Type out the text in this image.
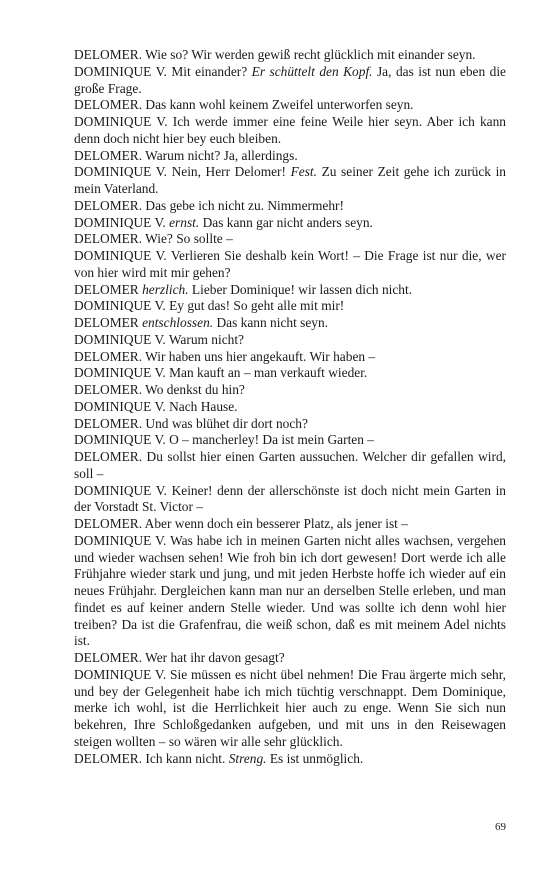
DELOMER. Wie so? Wir werden gewiß recht glücklich mit einander seyn.

DOMINIQUE V. Mit einander? Er schüttelt den Kopf. Ja, das ist nun eben die große Frage.

DELOMER. Das kann wohl keinem Zweifel unterworfen seyn.

DOMINIQUE V. Ich werde immer eine feine Weile hier seyn. Aber ich kann denn doch nicht hier bey euch bleiben.

DELOMER. Warum nicht? Ja, allerdings.

DOMINIQUE V. Nein, Herr Delomer! Fest. Zu seiner Zeit gehe ich zurück in mein Vaterland.

DELOMER. Das gebe ich nicht zu. Nimmermehr!

DOMINIQUE V. ernst. Das kann gar nicht anders seyn.

DELOMER. Wie? So sollte –

DOMINIQUE V. Verlieren Sie deshalb kein Wort! – Die Frage ist nur die, wer von hier wird mit mir gehen?

DELOMER herzlich. Lieber Dominique! wir lassen dich nicht.

DOMINIQUE V. Ey gut das! So geht alle mit mir!

DELOMER entschlossen. Das kann nicht seyn.

DOMINIQUE V. Warum nicht?

DELOMER. Wir haben uns hier angekauft. Wir haben –

DOMINIQUE V. Man kauft an – man verkauft wieder.

DELOMER. Wo denkst du hin?

DOMINIQUE V. Nach Hause.

DELOMER. Und was blühet dir dort noch?

DOMINIQUE V. O – mancherley! Da ist mein Garten –

DELOMER. Du sollst hier einen Garten aussuchen. Welcher dir gefallen wird, soll –

DOMINIQUE V. Keiner! denn der allerschönste ist doch nicht mein Garten in der Vorstadt St. Victor –

DELOMER. Aber wenn doch ein besserer Platz, als jener ist –

DOMINIQUE V. Was habe ich in meinen Garten nicht alles wachsen, vergehen und wieder wachsen sehen! Wie froh bin ich dort gewesen! Dort werde ich alle Frühjahre wieder stark und jung, und mit jeden Herbste hoffe ich wieder auf ein neues Frühjahr. Dergleichen kann man nur an derselben Stelle erleben, und man findet es auf keiner andern Stelle wieder. Und was sollte ich denn wohl hier treiben? Da ist die Grafenfrau, die weiß schon, daß es mit meinem Adel nichts ist.

DELOMER. Wer hat ihr davon gesagt?

DOMINIQUE V. Sie müssen es nicht übel nehmen! Die Frau ärgerte mich sehr, und bey der Gelegenheit habe ich mich tüchtig verschnappt. Dem Dominique, merke ich wohl, ist die Herrlichkeit hier auch zu enge. Wenn Sie sich nun bekehren, Ihre Schloßgedanken aufgeben, und mit uns in den Reisewagen steigen wollten – so wären wir alle sehr glücklich.

DELOMER. Ich kann nicht. Streng. Es ist unmöglich.

69
